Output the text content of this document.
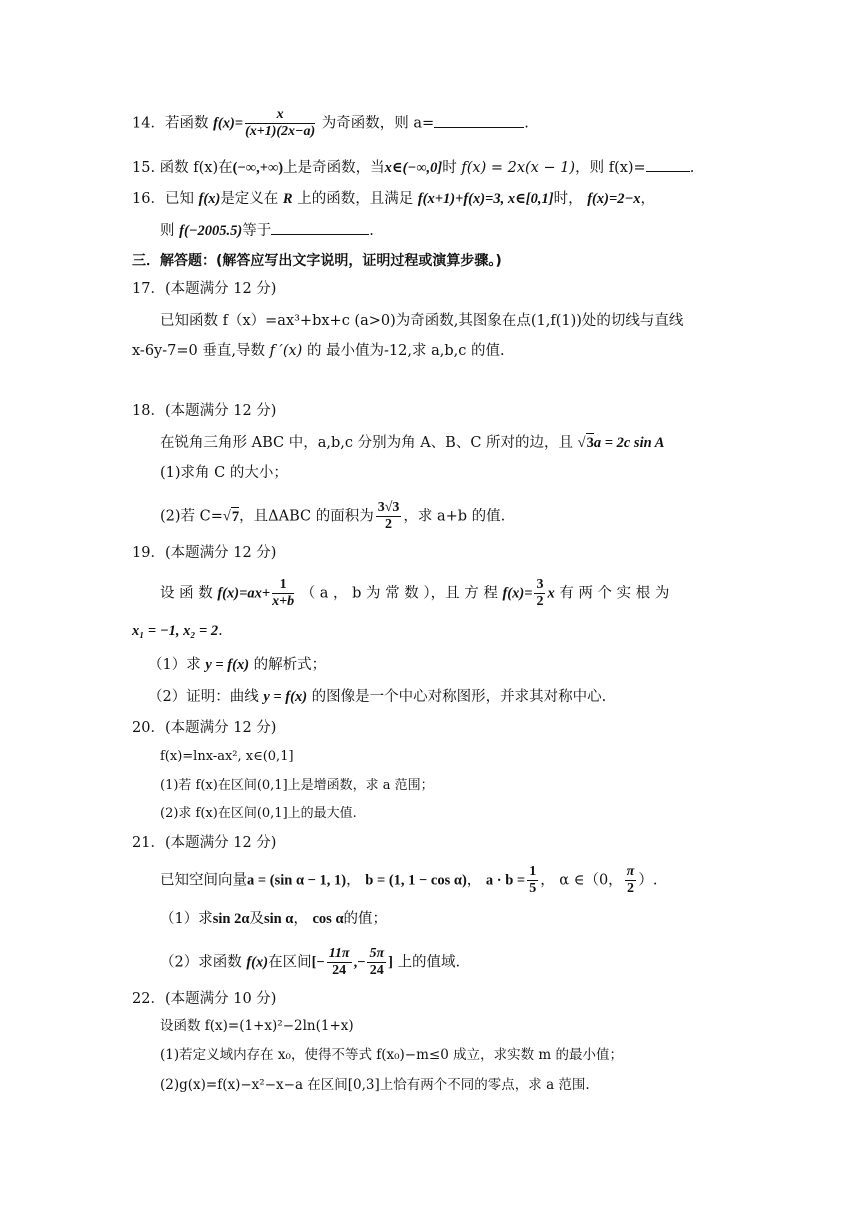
14．若函数 $f(x)= \frac{x}{(x+1)(2x-a)}$ 为奇函数，则 a=	.
15. 函数 f(x)在(−∞,+∞)上是奇函数，当x∈(−∞,0]时 f(x) = 2x(x − 1)，则 f(x)=	.
16．已知 f(x)是定义在 R 上的函数，且满足 f(x+1)+f(x)=3, x∈[0,1]时， f(x)=2−x，
则 f(−2005.5)等于	.
三．解答题：(解答应写出文字说明，证明过程或演算步骤。)
17．(本题满分 12 分)
已知函数 f（x）=ax³+bx+c (a>0)为奇函数,其图象在点(1,f(1))处的切线与直线
x-6y-7=0 垂直,导数 f ′(x) 的 最小值为-12,求 a,b,c 的值.
18．(本题满分 12 分)
在锐角三角形 ABC 中，a,b,c 分别为角 A、B、C 所对的边，且 √3a = 2c sin A
(1)求角 C 的大小；
(2)若 C=√7，且ΔABC 的面积为 $\frac{3√3}{2}$ ，求 a+b 的值.
19．(本题满分 12 分)
设 函 数 $f(x)=ax+ \frac{1}{x+b}$ （ a ， b 为 常 数 ），且 方 程 $f(x)= \frac{3}{2}$ x 有 两 个 实 根 为
x₁ = −1, x₂ = 2.
（1）求 y = f(x) 的解析式；
（2）证明：曲线 y = f(x) 的图像是一个中心对称图形，并求其对称中心.
20．(本题满分 12 分)
f(x)=lnx-ax², x∈(0,1]
(1)若 f(x)在区间(0,1]上是增函数，求 a 范围；
(2)求 f(x)在区间(0,1]上的最大值.
21．(本题满分 12 分)
已知空间向量a = (sin α − 1, 1)， b = (1, 1 − cos α)， $a \cdot b = \frac{1}{5}$ ， α ∈（0， $\frac{\pi}{2}$ ）.
（1）求sin 2α及sin α， cos α的值；
（2）求函数 f(x)在区间[− $\frac{11\pi}{24}$ ,− $\frac{5\pi}{24}$ ] 上的值域.
22．(本题满分 10 分)
设函数 f(x)=(1+x)²−2ln(1+x)
(1)若定义域内存在 x₀，使得不等式 f(x₀)−m≤0 成立，求实数 m 的最小值；
(2)g(x)=f(x)−x²−x−a 在区间[0,3]上恰有两个不同的零点，求 a 范围.
